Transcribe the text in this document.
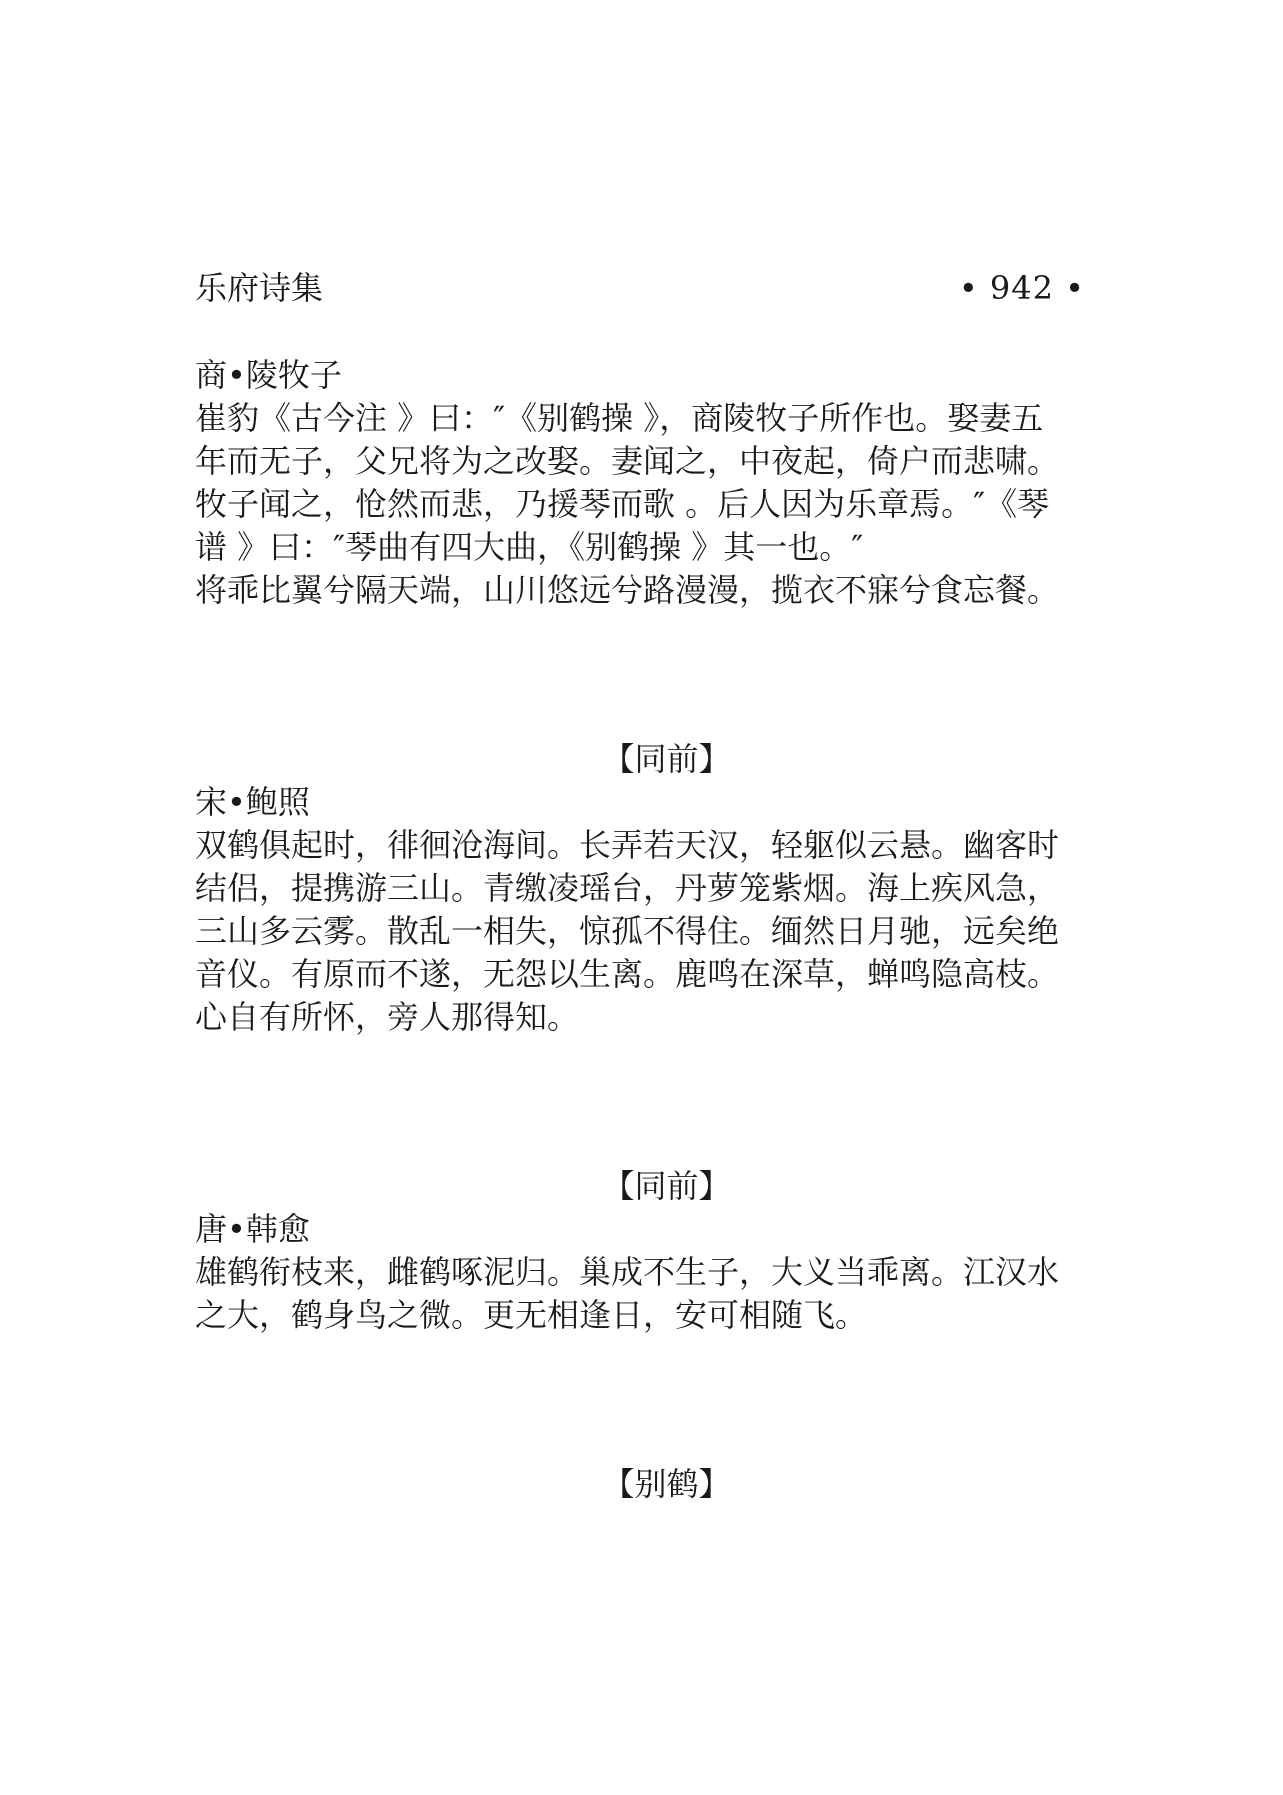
乐府诗集	• 942 •
商•陵牧子
崔豹《古今注 》曰：″《别鹤操 》，商陵牧子所作也。娶妻五
年而无子，父兄将为之改娶。妻闻之，中夜起，倚户而悲啸。
牧子闻之，怆然而悲，乃援琴而歌 。后人因为乐章焉。″《琴
谱 》曰：″琴曲有四大曲，《别鹤操 》其一也。″
将乖比翼兮隔天端，山川悠远兮路漫漫，揽衣不寐兮食忘餐。
【同前】
宋•鲍照
双鹤俱起时，徘徊沧海间。长弄若天汉，轻躯似云悬。幽客时
结侣，提携游三山。青缴凌瑶台，丹萝笼紫烟。海上疾风急，
三山多云雾。散乱一相失，惊孤不得住。缅然日月驰，远矣绝
音仪。有原而不遂，无怨以生离。鹿鸣在深草，蝉鸣隐高枝。
心自有所怀，旁人那得知。
【同前】
唐•韩愈
雄鹤衔枝来，雌鹤啄泥归。巢成不生子，大义当乖离。江汉水
之大，鹤身鸟之微。更无相逢日，安可相随飞。
【别鹤】
